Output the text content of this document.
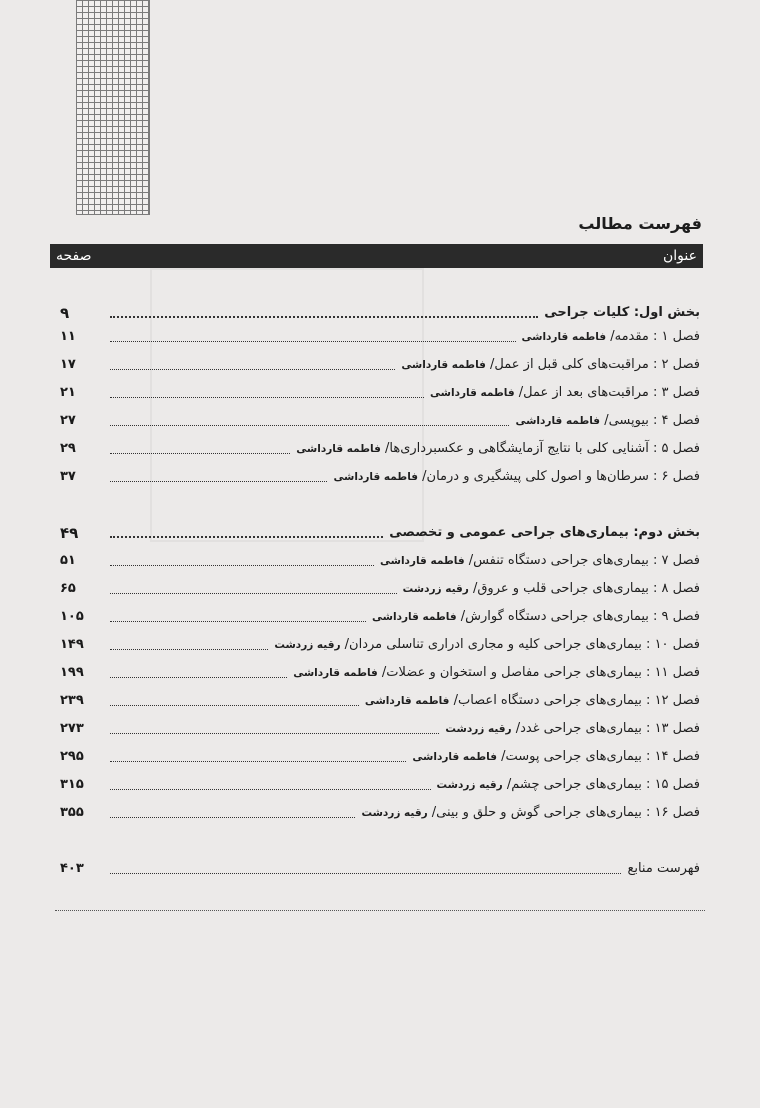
فهرست مطالب
صفحه	عنوان
بخش اول: کلیات جراحی
۹
فصل ۱ : مقدمه/ فاطمه قارداشی
۱۱
فصل ۲ : مراقبت‌های کلی قبل از عمل/ فاطمه قارداشی
۱۷
فصل ۳ : مراقبت‌های بعد از عمل/ فاطمه قارداشی
۲۱
فصل ۴ : بیوپسی/ فاطمه قارداشی
۲۷
فصل ۵ : آشنایی کلی با نتایج آزمایشگاهی و عکسبرداری‌ها/ فاطمه قارداشی
۲۹
فصل ۶ : سرطان‌ها و اصول کلی پیشگیری و درمان/ فاطمه قارداشی
۳۷
بخش دوم: بیماری‌های جراحی عمومی و تخصصی
۴۹
فصل ۷ : بیماری‌های جراحی دستگاه تنفس/ فاطمه قارداشی
۵۱
فصل ۸ : بیماری‌های جراحی قلب و عروق/ رقیه زردشت
۶۵
فصل ۹ : بیماری‌های جراحی دستگاه گوارش/ فاطمه قارداشی
۱۰۵
فصل ۱۰ : بیماری‌های جراحی کلیه و مجاری ادراری تناسلی مردان/ رقیه زردشت
۱۴۹
فصل ۱۱ : بیماری‌های جراحی مفاصل و استخوان و عضلات/ فاطمه قارداشی
۱۹۹
فصل ۱۲ : بیماری‌های جراحی دستگاه اعصاب/ فاطمه قارداشی
۲۳۹
فصل ۱۳ : بیماری‌های جراحی غدد/ رقیه زردشت
۲۷۳
فصل ۱۴ : بیماری‌های جراحی پوست/ فاطمه قارداشی
۲۹۵
فصل ۱۵ : بیماری‌های جراحی چشم/ رقیه زردشت
۳۱۵
فصل ۱۶ : بیماری‌های جراحی گوش و حلق و بینی/ رقیه زردشت
۳۵۵
فهرست منابع
۴۰۳
